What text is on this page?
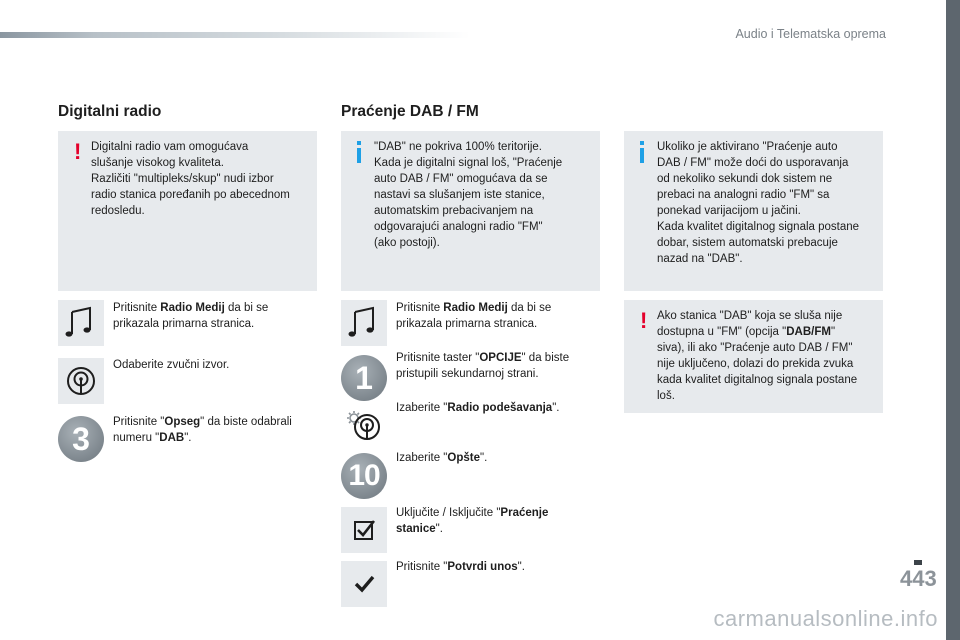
Audio i Telematska oprema
Digitalni radio
! Digitalni radio vam omogućava
slušanje visokog kvaliteta.
Različiti "multipleks/skup" nudi izbor
radio stanica poređanih po abecednom
redosledu.
Pritisnite Radio Medij da bi se
prikazala primarna stranica.
Odaberite zvučni izvor.
3	Pritisnite "Opseg" da biste odabrali
numeru "DAB".
Praćenje DAB / FM
"DAB" ne pokriva 100% teritorije.
Kada je digitalni signal loš, "Praćenje
auto DAB / FM" omogućava da se
nastavi sa slušanjem iste stanice,
automatskim prebacivanjem na
odgovarajući analogni radio "FM"
(ako postoji).
Pritisnite Radio Medij da bi se
prikazala primarna stranica.
1
Pritisnite taster "OPCIJE" da biste
pristupili sekundarnoj strani.
Izaberite "Radio podešavanja".
10
Izaberite "Opšte".
Uključite / Isključite "Praćenje
stanice".
Pritisnite "Potvrdi unos".
Ukoliko je aktivirano "Praćenje auto
DAB / FM" može doći do usporavanja
od nekoliko sekundi dok sistem ne
prebaci na analogni radio "FM" sa
ponekad varijacijom u jačini.
Kada kvalitet digitalnog signala postane
dobar, sistem automatski prebacuje
nazad na "DAB".
! Ako stanica "DAB" koja se sluša nije
dostupna u "FM" (opcija "DAB/FM"
siva), ili ako "Praćenje auto DAB / FM"
nije uključeno, dolazi do prekida zvuka
kada kvalitet digitalnog signala postane
loš.
443
carmanualsonline.info
